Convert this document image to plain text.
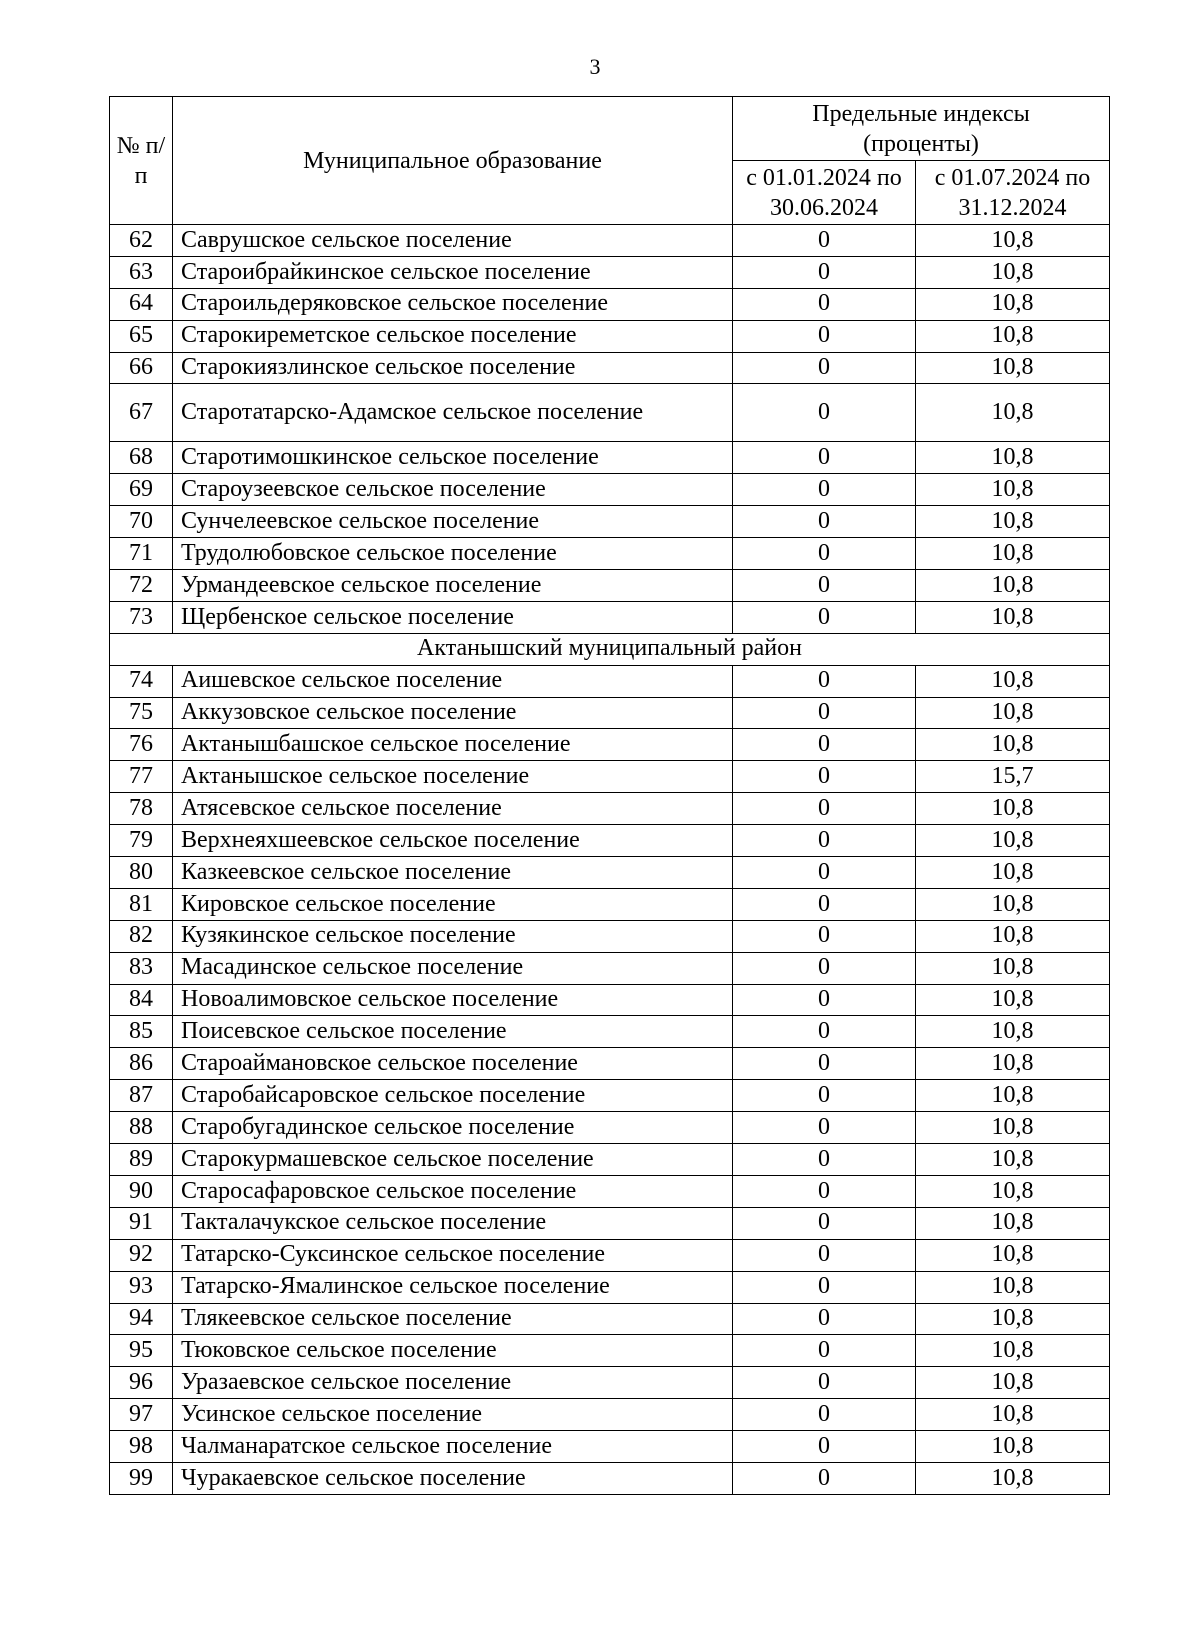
3
№ п/п	Муниципальное образование	Предельные индексы (проценты)	
		с 01.01.2024 по 30.06.2024	с 01.07.2024 по 31.12.2024
62	Саврушское сельское поселение	0	10,8
63	Староибрайкинское сельское поселение	0	10,8
64	Староильдеряковское сельское поселение	0	10,8
65	Старокиреметское сельское поселение	0	10,8
66	Старокиязлинское сельское поселение	0	10,8
67	Старотатарско-Адамское сельское поселение	0	10,8
68	Старотимошкинское сельское поселение	0	10,8
69	Староузеевское сельское поселение	0	10,8
70	Сунчелеевское сельское поселение	0	10,8
71	Трудолюбовское сельское поселение	0	10,8
72	Урмандеевское сельское поселение	0	10,8
73	Щербенское сельское поселение	0	10,8
Актанышский муниципальный район			
74	Аишевское сельское поселение	0	10,8
75	Аккузовское сельское поселение	0	10,8
76	Актанышбашское сельское поселение	0	10,8
77	Актанышское сельское поселение	0	15,7
78	Атясевское сельское поселение	0	10,8
79	Верхнеяхшеевское сельское поселение	0	10,8
80	Казкеевское сельское поселение	0	10,8
81	Кировское сельское поселение	0	10,8
82	Кузякинское сельское поселение	0	10,8
83	Масадинское сельское поселение	0	10,8
84	Новоалимовское сельское поселение	0	10,8
85	Поисевское сельское поселение	0	10,8
86	Староаймановское сельское поселение	0	10,8
87	Старобайсаровское сельское поселение	0	10,8
88	Старобугадинское сельское поселение	0	10,8
89	Старокурмашевское сельское поселение	0	10,8
90	Старосафаровское сельское поселение	0	10,8
91	Такталачукское сельское поселение	0	10,8
92	Татарско-Суксинское сельское поселение	0	10,8
93	Татарско-Ямалинское сельское поселение	0	10,8
94	Тлякеевское сельское поселение	0	10,8
95	Тюковское сельское поселение	0	10,8
96	Уразаевское сельское поселение	0	10,8
97	Усинское сельское поселение	0	10,8
98	Чалманаратское сельское поселение	0	10,8
99	Чуракаевское сельское поселение	0	10,8
